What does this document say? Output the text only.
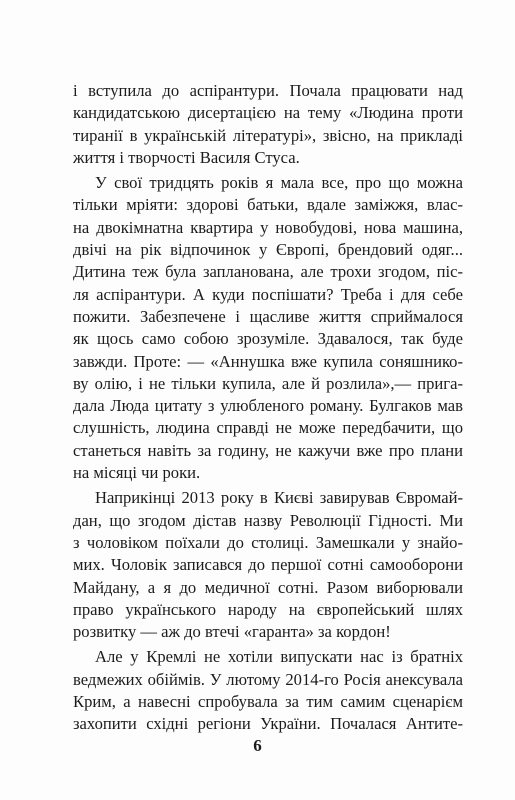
і вступила до аспірантури. Почала працювати над
кандидатською дисертацією на тему «Людина проти
тиранії в українській літературі», звісно, на прикладі
життя і творчості Василя Стуса.

У свої тридцять років я мала все, про що можна
тільки мріяти: здорові батьки, вдале заміжжя, влас-
на двокімнатна квартира у новобудові, нова машина,
двічі на рік відпочинок у Європі, брендовий одяг...
Дитина теж була запланована, але трохи згодом, піс-
ля аспірантури. А куди поспішати? Треба і для себе
пожити. Забезпечене і щасливе життя сприймалося
як щось само собою зрозуміле. Здавалося, так буде
завжди. Проте: — «Аннушка вже купила соняшнико-
ву олію, і не тільки купила, але й розлила»,— прига-
дала Люда цитату з улюбленого роману. Булгаков мав
слушність, людина справді не може передбачити, що
станеться навіть за годину, не кажучи вже про плани
на місяці чи роки.

Наприкінці 2013 року в Києві завирував Євромай-
дан, що згодом дістав назву Революції Гідності. Ми
з чоловіком поїхали до столиці. Замешкали у знайо-
мих. Чоловік записався до першої сотні самооборони
Майдану, а я до медичної сотні. Разом виборювали
право українського народу на європейський шлях
розвитку — аж до втечі «гаранта» за кордон!

Але у Кремлі не хотіли випускати нас із братніх
ведмежих обіймів. У лютому 2014-го Росія анексувала
Крим, а навесні спробувала за тим самим сценарієм
захопити східні регіони України. Почалася Антите-

6
